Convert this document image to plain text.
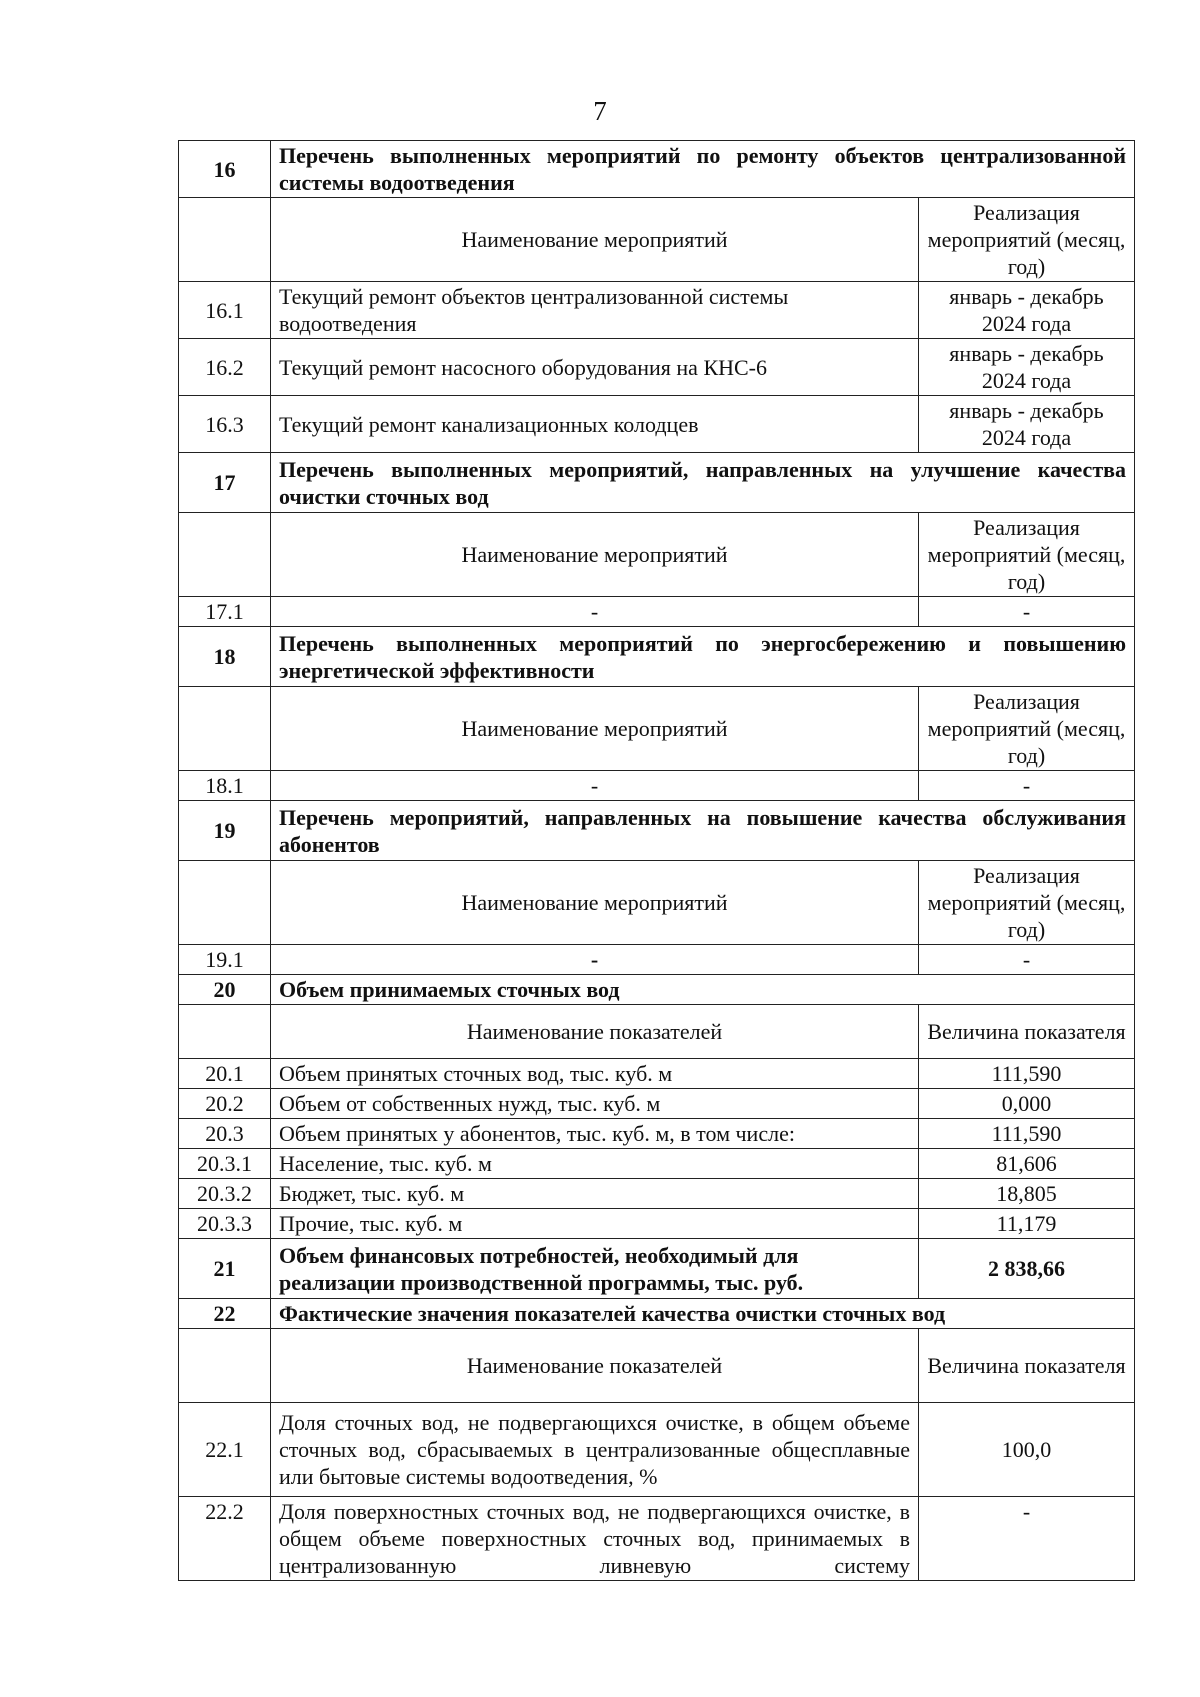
7
16	Перечень выполненных мероприятий по ремонту объектов централизованной системы водоотведения	
	Наименование мероприятий	Реализация мероприятий (месяц, год)
16.1	Текущий ремонт объектов централизованной системы водоотведения	январь - декабрь 2024 года
16.2	Текущий ремонт насосного оборудования на КНС-6	январь - декабрь 2024 года
16.3	Текущий ремонт канализационных колодцев	январь - декабрь 2024 года
17	Перечень выполненных мероприятий, направленных на улучшение качества очистки сточных вод	
	Наименование мероприятий	Реализация мероприятий (месяц, год)
17.1	-	-
18	Перечень выполненных мероприятий по энергосбережению и повышению энергетической эффективности	
	Наименование мероприятий	Реализация мероприятий (месяц, год)
18.1	-	-
19	Перечень мероприятий, направленных на повышение качества обслуживания абонентов	
	Наименование мероприятий	Реализация мероприятий (месяц, год)
19.1	-	-
20	Объем принимаемых сточных вод	
	Наименование показателей	Величина показателя
20.1	Объем принятых сточных вод, тыс. куб. м	111,590
20.2	Объем от собственных нужд, тыс. куб. м	0,000
20.3	Объем принятых у абонентов, тыс. куб. м, в том числе:	111,590
20.3.1	Население, тыс. куб. м	81,606
20.3.2	Бюджет, тыс. куб. м	18,805
20.3.3	Прочие, тыс. куб. м	11,179
21	Объем финансовых потребностей, необходимый для реализации производственной программы, тыс. руб.	2 838,66
22	Фактические значения показателей качества очистки сточных вод	
	Наименование показателей	Величина показателя
22.1	Доля сточных вод, не подвергающихся очистке, в общем объеме сточных вод, сбрасываемых в централизованные общесплавные или бытовые системы водоотведения, %	100,0
22.2	Доля поверхностных сточных вод, не подвергающихся очистке, в общем объеме поверхностных сточных вод, принимаемых в централизованную ливневую систему	-
